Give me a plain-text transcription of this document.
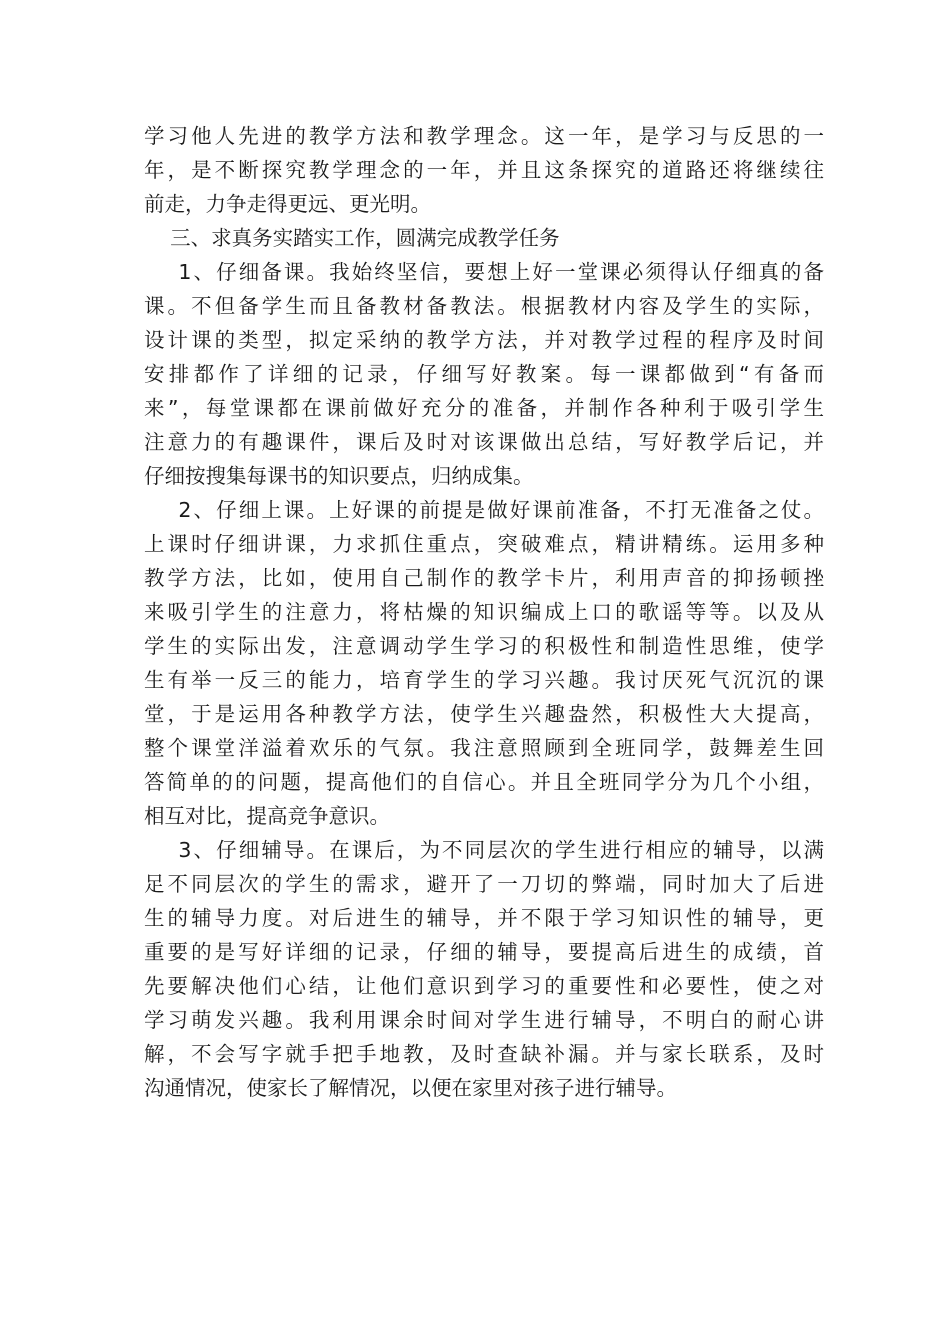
学习他人先进的教学方法和教学理念。这一年，是学习与反思的一
年，是不断探究教学理念的一年，并且这条探究的道路还将继续往
前走，力争走得更远、更光明。
三、求真务实踏实工作，圆满完成教学任务
1、仔细备课。我始终坚信，要想上好一堂课必须得认仔细真的备
课。不但备学生而且备教材备教法。根据教材内容及学生的实际，
设计课的类型，拟定采纳的教学方法，并对教学过程的程序及时间
安排都作了详细的记录，仔细写好教案。每一课都做到“有备而
来”，每堂课都在课前做好充分的准备，并制作各种利于吸引学生
注意力的有趣课件，课后及时对该课做出总结，写好教学后记，并
仔细按搜集每课书的知识要点，归纳成集。
2、仔细上课。上好课的前提是做好课前准备，不打无准备之仗。
上课时仔细讲课，力求抓住重点，突破难点，精讲精练。运用多种
教学方法，比如，使用自己制作的教学卡片，利用声音的抑扬顿挫
来吸引学生的注意力，将枯燥的知识编成上口的歌谣等等。以及从
学生的实际出发，注意调动学生学习的积极性和制造性思维，使学
生有举一反三的能力，培育学生的学习兴趣。我讨厌死气沉沉的课
堂，于是运用各种教学方法，使学生兴趣盎然，积极性大大提高，
整个课堂洋溢着欢乐的气氛。我注意照顾到全班同学，鼓舞差生回
答简单的的问题，提高他们的自信心。并且全班同学分为几个小组，
相互对比，提高竞争意识。
3、仔细辅导。在课后，为不同层次的学生进行相应的辅导，以满
足不同层次的学生的需求，避开了一刀切的弊端，同时加大了后进
生的辅导力度。对后进生的辅导，并不限于学习知识性的辅导，更
重要的是写好详细的记录，仔细的辅导，要提高后进生的成绩，首
先要解决他们心结，让他们意识到学习的重要性和必要性，使之对
学习萌发兴趣。我利用课余时间对学生进行辅导，不明白的耐心讲
解，不会写字就手把手地教，及时查缺补漏。并与家长联系，及时
沟通情况，使家长了解情况，以便在家里对孩子进行辅导。
